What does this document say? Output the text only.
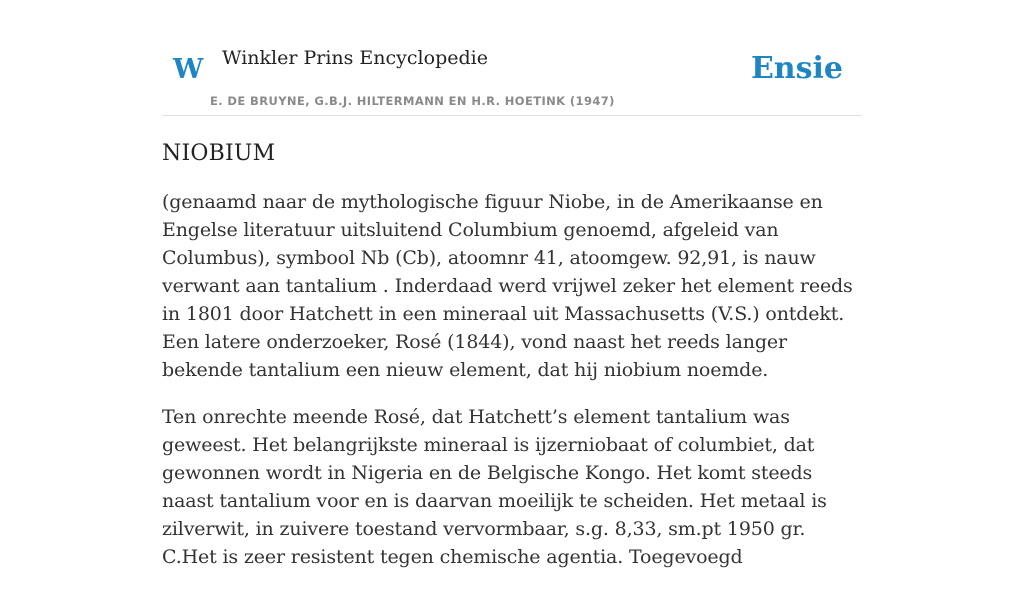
W Winkler Prins Encyclopedie
E. DE BRUYNE, G.B.J. HILTERMANN EN H.R. HOETINK (1947)
Ensie
NIOBIUM

(genaamd naar de mythologische figuur Niobe, in de Amerikaanse en Engelse literatuur uitsluitend Columbium genoemd, afgeleid van Columbus), symbool Nb (Cb), atoomnr 41, atoomgew. 92,91, is nauw verwant aan tantalium . Inderdaad werd vrijwel zeker het element reeds in 1801 door Hatchett in een mineraal uit Massachusetts (V.S.) ontdekt. Een latere onderzoeker, Rosé (1844), vond naast het reeds langer bekende tantalium een nieuw element, dat hij niobium noemde.

Ten onrechte meende Rosé, dat Hatchett’s element tantalium was geweest. Het belangrijkste mineraal is ijzerniobaat of columbiet, dat gewonnen wordt in Nigeria en de Belgische Kongo. Het komt steeds naast tantalium voor en is daarvan moeilijk te scheiden. Het metaal is zilverwit, in zuivere toestand vervormbaar, s.g. 8,33, sm.pt 1950 gr. C.Het is zeer resistent tegen chemische agentia. Toegevoegd
